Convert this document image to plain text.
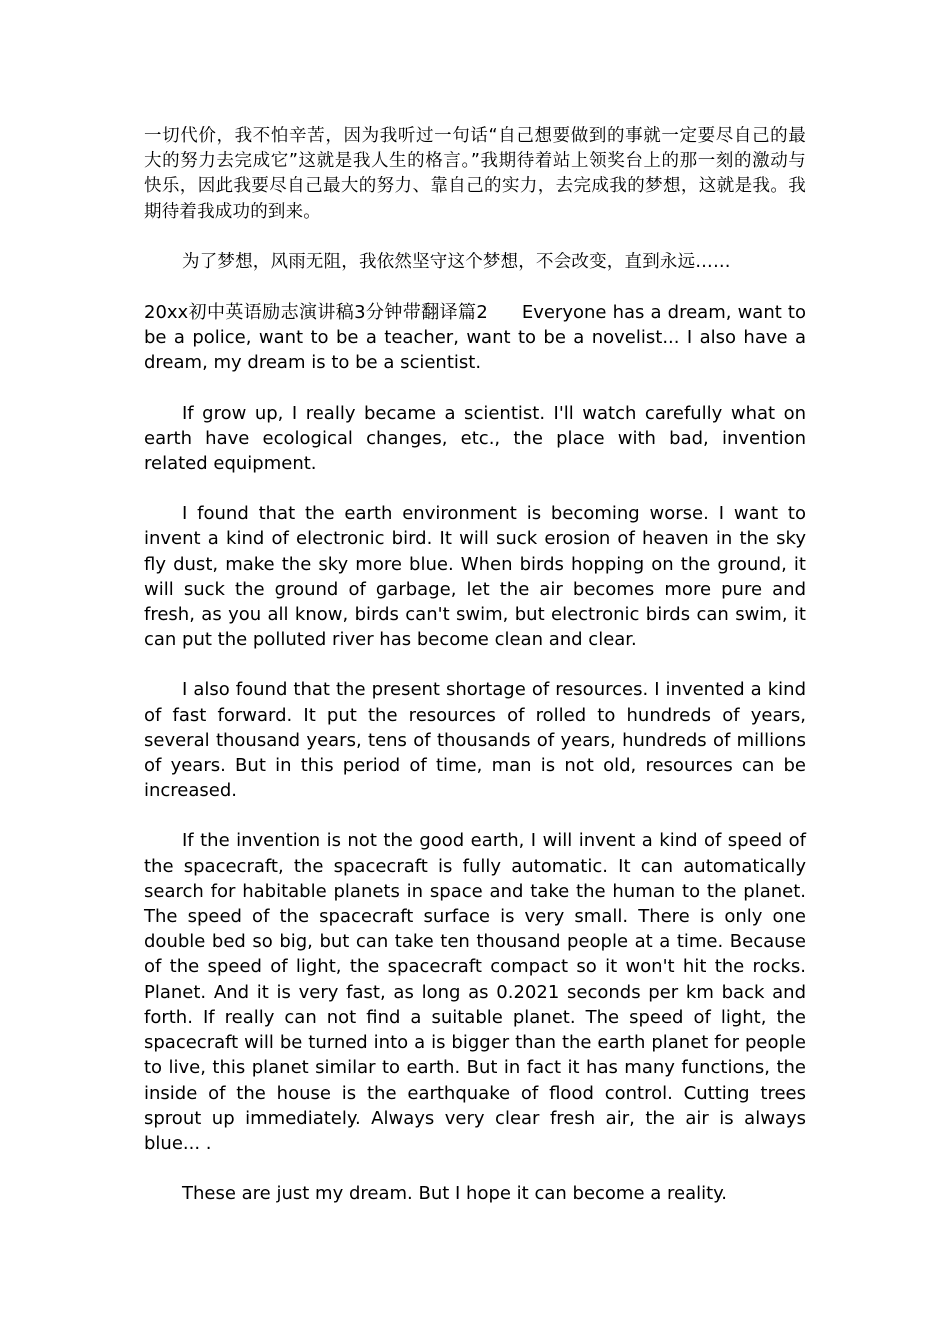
一切代价，我不怕辛苦，因为我听过一句话“自己想要做到的事就一定要尽自己的最大的努力去完成它”这就是我人生的格言。”我期待着站上领奖台上的那一刻的激动与快乐，因此我要尽自己最大的努力、靠自己的实力，去完成我的梦想，这就是我。我期待着我成功的到来。

为了梦想，风雨无阻，我依然坚守这个梦想，不会改变，直到永远……

20xx初中英语励志演讲稿3分钟带翻译篇2 Everyone has a dream, want to be a police, want to be a teacher, want to be a novelist... I also have a dream, my dream is to be a scientist.

If grow up, I really became a scientist. I'll watch carefully what on earth have ecological changes, etc., the place with bad, invention related equipment.

I found that the earth environment is becoming worse. I want to invent a kind of electronic bird. It will suck erosion of heaven in the sky fly dust, make the sky more blue. When birds hopping on the ground, it will suck the ground of garbage, let the air becomes more pure and fresh, as you all know, birds can't swim, but electronic birds can swim, it can put the polluted river has become clean and clear.

I also found that the present shortage of resources. I invented a kind of fast forward. It put the resources of rolled to hundreds of years, several thousand years, tens of thousands of years, hundreds of millions of years. But in this period of time, man is not old, resources can be increased.

If the invention is not the good earth, I will invent a kind of speed of the spacecraft, the spacecraft is fully automatic. It can automatically search for habitable planets in space and take the human to the planet. The speed of the spacecraft surface is very small. There is only one double bed so big, but can take ten thousand people at a time. Because of the speed of light, the spacecraft compact so it won't hit the rocks. Planet. And it is very fast, as long as 0.2021 seconds per km back and forth. If really can not find a suitable planet. The speed of light, the spacecraft will be turned into a is bigger than the earth planet for people to live, this planet similar to earth. But in fact it has many functions, the inside of the house is the earthquake of flood control. Cutting trees sprout up immediately. Always very clear fresh air, the air is always blue... .

These are just my dream. But I hope it can become a reality.
